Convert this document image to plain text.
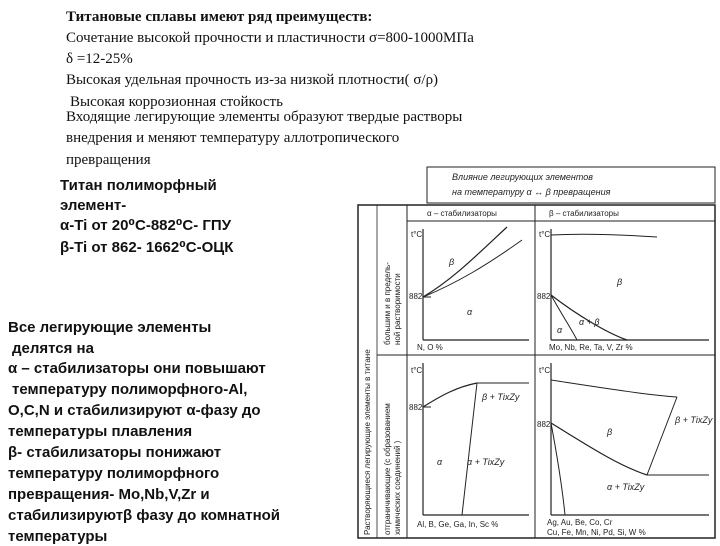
Титановые сплавы имеют ряд преимуществ:
Сочетание высокой прочности и пластичности σ=800-1000МПа
δ =12-25%
Высокая удельная прочность из-за низкой плотности( σ/ρ)
Высокая коррозионная стойкость
Входящие легирующие элементы образуют твердые растворы
внедрения и меняют температуру аллотропического
превращения
Титан полиморфный
элемент-
α-Ti от 20⁰С-882⁰С- ГПУ
β-Ti от 862- 1662⁰С-ОЦК
Все легирующие элементы
делятся на
α – стабилизаторы они повышают
температуру полиморфного-Al,
O,C,N и стабилизируют α-фазу до
температуры плавления
β- стабилизаторы понижают
температуру полиморфного
превращения- Mo,Nb,V,Zr и
стабилизируютβ фазу до комнатной
температуры
Влияние легирующих элементов
на температуру α ↔ β превращения
α – стабилизаторы	β – стабилизаторы
Растворяющиеся легирующие элементы в титане
большим и в предель- ной растворимости
отграничивающие (с образованием химических соединений )
t°C
882
β
α
N, O %
t°C
882
β
α + β
α
Mo, Nb, Re, Ta, V, Zr %
t°C
882
β + TixZy
α	α + TixZy
Al, B, Ge, Ga, In, Sc %
t°C
882
β
β + TixZy
α + TixZy
Ag, Au, Be, Co, Cr
Cu, Fe, Mn, Ni, Pd, Si, W %
